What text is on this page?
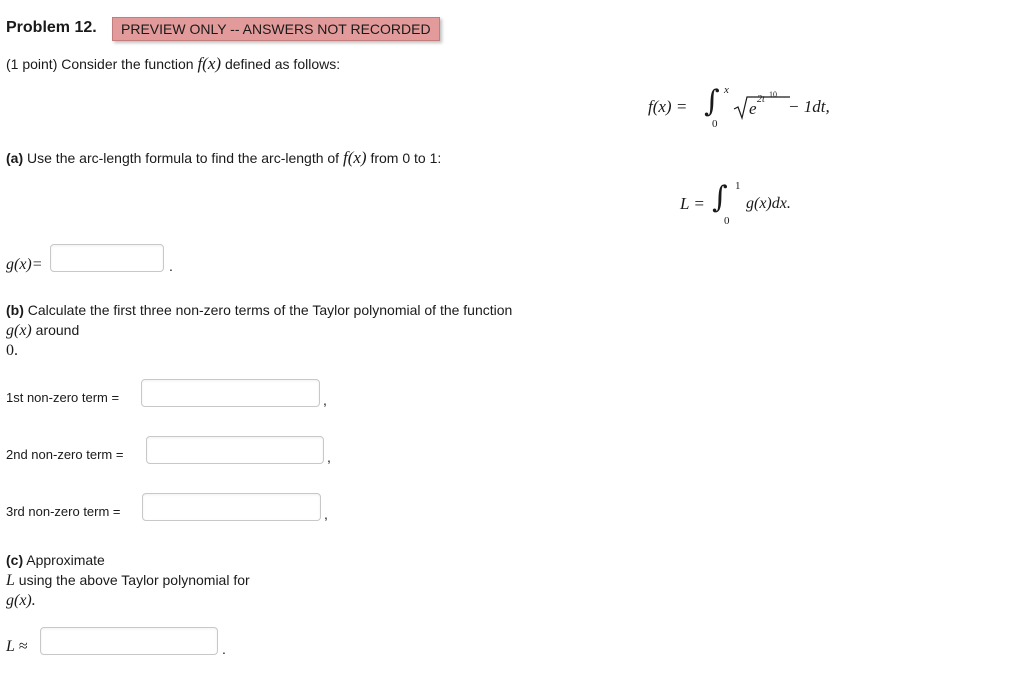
Problem 12.	PREVIEW ONLY -- ANSWERS NOT RECORDED
(1 point) Consider the function f(x) defined as follows:
f(x) = ∫ x
0
e 2t 10
− 1dt,
(a) Use the arc-length formula to find the arc-length of f(x) from 0 to 1:
L = ∫ 1
0
g(x)dx.
g(x)=	.
(b) Calculate the first three non-zero terms of the Taylor polynomial of the function
g(x) around
0.
1st non-zero term =	,
2nd non-zero term =	,
3rd non-zero term =	,
(c) Approximate
L using the above Taylor polynomial for
g(x).
L ≈	.
